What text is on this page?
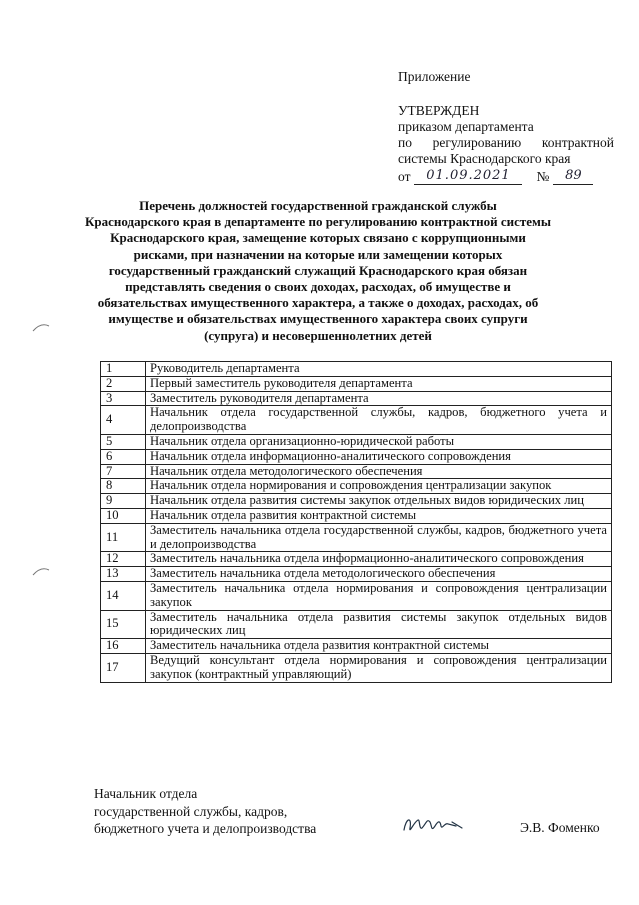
Приложение
УТВЕРЖДЕН
приказом департамента
по регулированию контрактной
системы Краснодарского края
от	01.09.2021	№	89
Перечень должностей государственной гражданской службы
Краснодарского края в департаменте по регулированию контрактной системы
Краснодарского края, замещение которых связано с коррупционными
рисками, при назначении на которые или замещении которых
государственный гражданский служащий Краснодарского края обязан
представлять сведения о своих доходах, расходах, об имуществе и
обязательствах имущественного характера, а также о доходах, расходах, об
имуществе и обязательствах имущественного характера своих супруги
(супруга) и несовершеннолетних детей
1	Руководитель департамента
2	Первый заместитель руководителя департамента
3	Заместитель руководителя департамента
4	Начальник отдела государственной службы, кадров, бюджетного учета и делопроизводства
5	Начальник отдела организационно-юридической работы
6	Начальник отдела информационно-аналитического сопровождения
7	Начальник отдела методологического обеспечения
8	Начальник отдела нормирования и сопровождения централизации закупок
9	Начальник отдела развития системы закупок отдельных видов юридических лиц
10	Начальник отдела развития контрактной системы
11	Заместитель начальника отдела государственной службы, кадров, бюджетного учета и делопроизводства
12	Заместитель начальника отдела информационно-аналитического сопровождения
13	Заместитель начальника отдела методологического обеспечения
14	Заместитель начальника отдела нормирования и сопровождения централизации закупок
15	Заместитель начальника отдела развития системы закупок отдельных видов юридических лиц
16	Заместитель начальника отдела развития контрактной системы
17	Ведущий консультант отдела нормирования и сопровождения централизации закупок (контрактный управляющий)
Начальник отдела
государственной службы, кадров,
бюджетного учета и делопроизводства	Э.В. Фоменко
